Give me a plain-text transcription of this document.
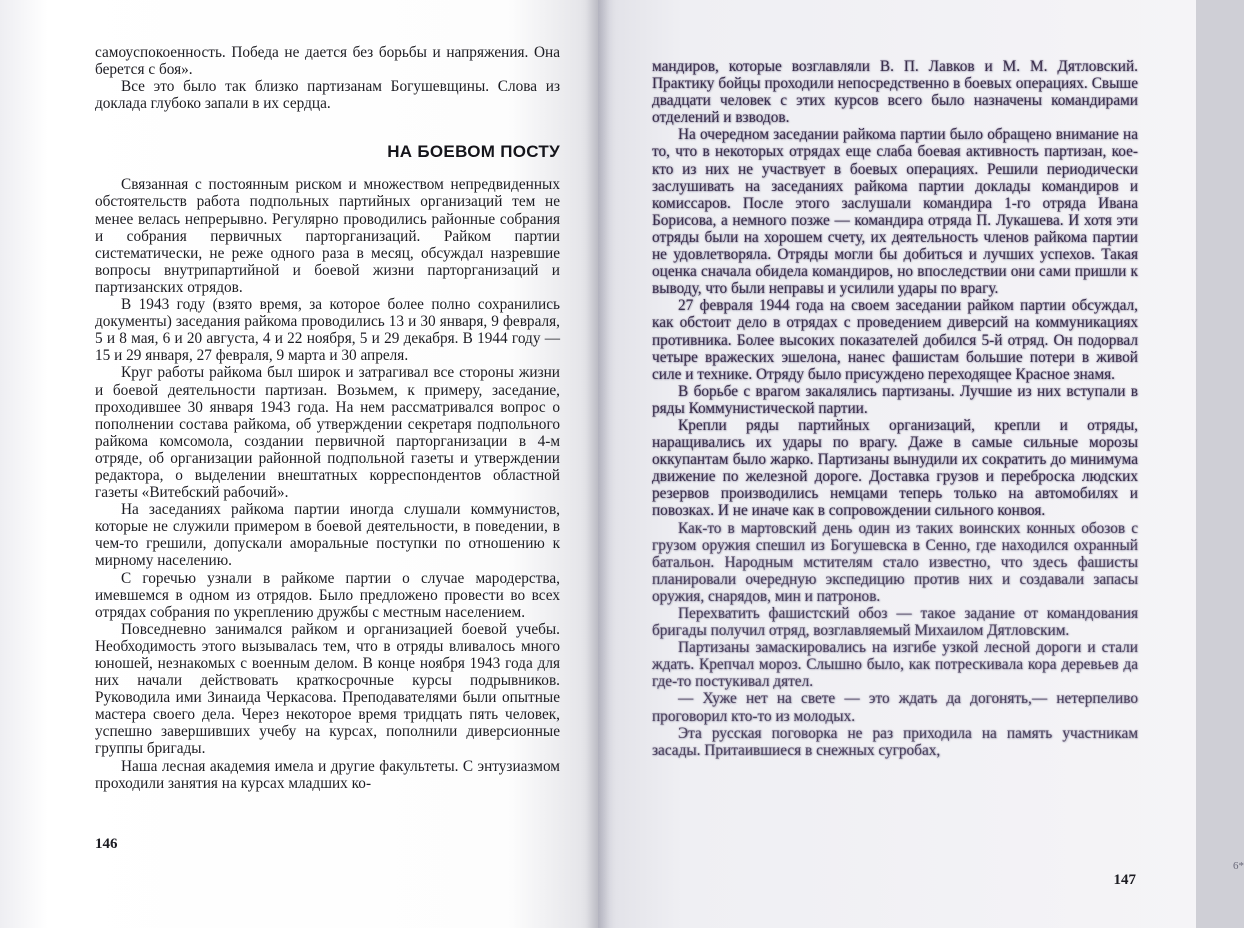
самоуспокоенность. Победа не дается без борьбы и напряжения. Она берется с боя».

Все это было так близко партизанам Богушевщины. Слова из доклада глубоко запали в их сердца.

НА БОЕВОМ ПОСТУ

Связанная с постоянным риском и множеством непредвиденных обстоятельств работа подпольных партийных организаций тем не менее велась непрерывно. Регулярно проводились районные собрания и собрания первичных парторганизаций. Райком партии систематически, не реже одного раза в месяц, обсуждал назревшие вопросы внутрипартийной и боевой жизни парторганизаций и партизанских отрядов.

В 1943 году (взято время, за которое более полно сохранились документы) заседания райкома проводились 13 и 30 января, 9 февраля, 5 и 8 мая, 6 и 20 августа, 4 и 22 ноября, 5 и 29 декабря. В 1944 году — 15 и 29 января, 27 февраля, 9 марта и 30 апреля.

Круг работы райкома был широк и затрагивал все стороны жизни и боевой деятельности партизан. Возьмем, к примеру, заседание, проходившее 30 января 1943 года. На нем рассматривался вопрос о пополнении состава райкома, об утверждении секретаря подпольного райкома комсомола, создании первичной парторганизации в 4-м отряде, об организации районной подпольной газеты и утверждении редактора, о выделении внештатных корреспондентов областной газеты «Витебский рабочий».

На заседаниях райкома партии иногда слушали коммунистов, которые не служили примером в боевой деятельности, в поведении, в чем-то грешили, допускали аморальные поступки по отношению к мирному населению.

С горечью узнали в райкоме партии о случае мародерства, имевшемся в одном из отрядов. Было предложено провести во всех отрядах собрания по укреплению дружбы с местным населением.

Повседневно занимался райком и организацией боевой учебы. Необходимость этого вызывалась тем, что в отряды вливалось много юношей, незнакомых с военным делом. В конце ноября 1943 года для них начали действовать краткосрочные курсы подрывников. Руководила ими Зинаида Черкасова. Преподавателями были опытные мастера своего дела. Через некоторое время тридцать пять человек, успешно завершивших учебу на курсах, пополнили диверсионные группы бригады.

Наша лесная академия имела и другие факультеты. С энтузиазмом проходили занятия на курсах младших ко-

146

мандиров, которые возглавляли В. П. Лавков и М. М. Дятловский. Практику бойцы проходили непосредственно в боевых операциях. Свыше двадцати человек с этих курсов всего было назначены командирами отделений и взводов.

На очередном заседании райкома партии было обращено внимание на то, что в некоторых отрядах еще слаба боевая активность партизан, кое-кто из них не участвует в боевых операциях. Решили периодически заслушивать на заседаниях райкома партии доклады командиров и комиссаров. После этого заслушали командира 1-го отряда Ивана Борисова, а немного позже — командира отряда П. Лукашева. И хотя эти отряды были на хорошем счету, их деятельность членов райкома партии не удовлетворяла. Отряды могли бы добиться и лучших успехов. Такая оценка сначала обидела командиров, но впоследствии они сами пришли к выводу, что были неправы и усилили удары по врагу.

27 февраля 1944 года на своем заседании райком партии обсуждал, как обстоит дело в отрядах с проведением диверсий на коммуникациях противника. Более высоких показателей добился 5-й отряд. Он подорвал четыре вражеских эшелона, нанес фашистам большие потери в живой силе и технике. Отряду было присуждено переходящее Красное знамя.

В борьбе с врагом закалялись партизаны. Лучшие из них вступали в ряды Коммунистической партии.

Крепли ряды партийных организаций, крепли и отряды, наращивались их удары по врагу. Даже в самые сильные морозы оккупантам было жарко. Партизаны вынудили их сократить до минимума движение по железной дороге. Доставка грузов и переброска людских резервов производились немцами теперь только на автомобилях и повозках. И не иначе как в сопровождении сильного конвоя.

Как-то в мартовский день один из таких воинских конных обозов с грузом оружия спешил из Богушевска в Сенно, где находился охранный батальон. Народным мстителям стало известно, что здесь фашисты планировали очередную экспедицию против них и создавали запасы оружия, снарядов, мин и патронов.

Перехватить фашистский обоз — такое задание от командования бригады получил отряд, возглавляемый Михаилом Дятловским.

Партизаны замаскировались на изгибе узкой лесной дороги и стали ждать. Крепчал мороз. Слышно было, как потрескивала кора деревьев да где-то постукивал дятел.

— Хуже нет на свете — это ждать да догонять,— нетерпеливо проговорил кто-то из молодых.

Эта русская поговорка не раз приходила на память участникам засады. Притаившиеся в снежных сугробах,

6*
147
